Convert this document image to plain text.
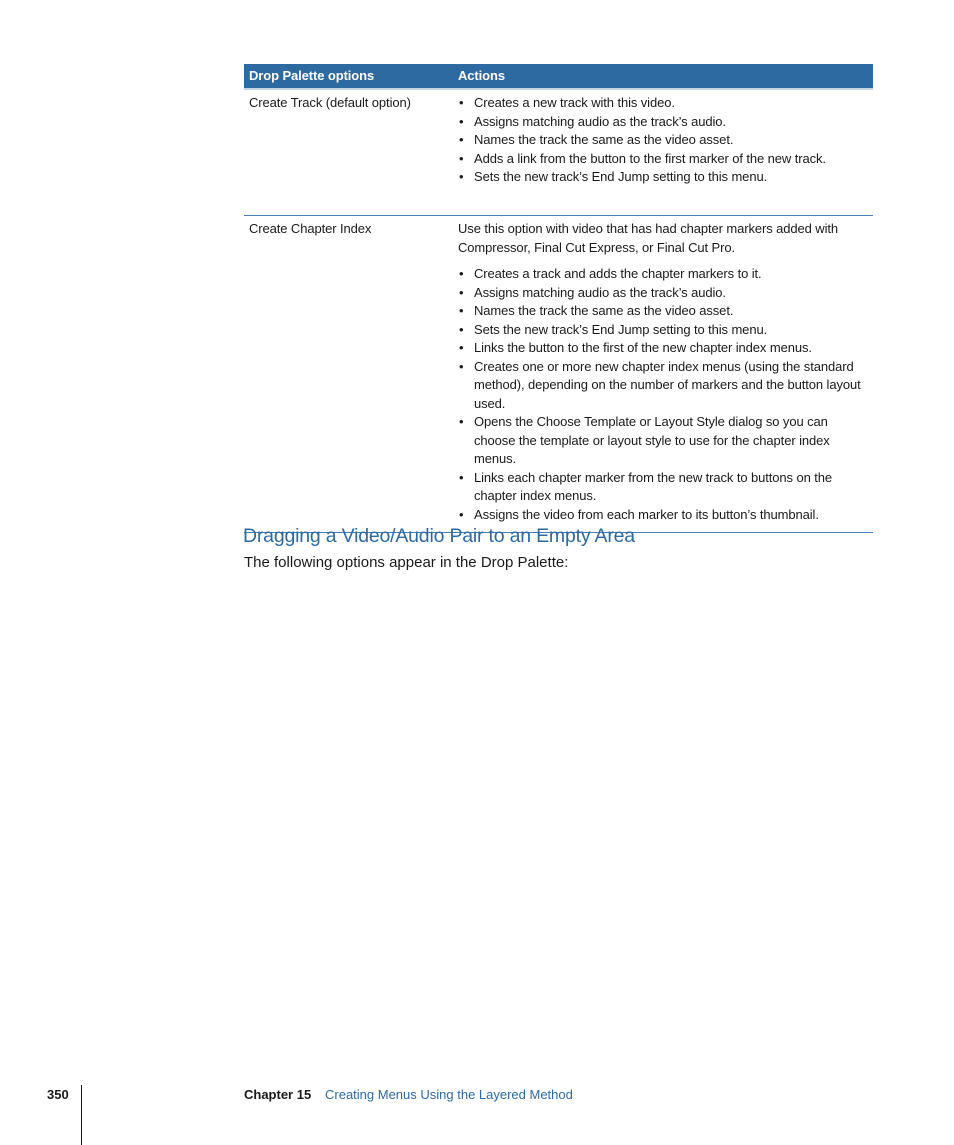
Drop Palette options	Actions
Create Track (default option)	• Creates a new track with this video.
• Assigns matching audio as the track’s audio.
• Names the track the same as the video asset.
• Adds a link from the button to the first marker of the new track.
• Sets the new track’s End Jump setting to this menu.
Create Chapter Index	Use this option with video that has had chapter markers added with Compressor, Final Cut Express, or Final Cut Pro.

• Creates a track and adds the chapter markers to it.
• Assigns matching audio as the track’s audio.
• Names the track the same as the video asset.
• Sets the new track’s End Jump setting to this menu.
• Links the button to the first of the new chapter index menus.
• Creates one or more new chapter index menus (using the standard method), depending on the number of markers and the button layout used.
• Opens the Choose Template or Layout Style dialog so you can choose the template or layout style to use for the chapter index menus.
• Links each chapter marker from the new track to buttons on the chapter index menus.
• Assigns the video from each marker to its button’s thumbnail.
Dragging a Video/Audio Pair to an Empty Area

The following options appear in the Drop Palette:

350	Chapter 15 Creating Menus Using the Layered Method
